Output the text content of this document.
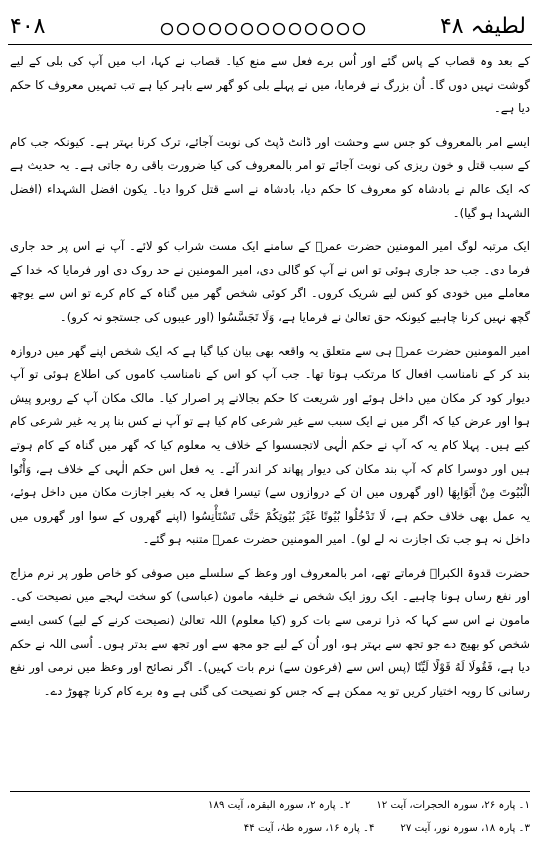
لطیفہ ۴۸
۴۰۸

کے بعد وہ قصاب کے پاس گئے اور اُس برے فعل سے منع کیا۔ قصاب نے کہا، اب میں آپ کی بلی کے لیے گوشت نہیں دوں گا۔ اُن بزرگ نے فرمایا، میں نے پہلے بلی کو گھر سے باہر کیا ہے تب تمہیں معروف کا حکم دیا ہے۔

ایسے امر بالمعروف کو جس سے وحشت اور ڈانٹ ڈپٹ کی نوبت آجائے، ترک کرنا بہتر ہے۔ کیونکہ جب کام کے سبب قتل و خون ریزی کی نوبت آجائے تو امر بالمعروف کی کیا ضرورت باقی رہ جاتی ہے۔ یہ حدیث ہے کہ ایک عالم نے بادشاہ کو معروف کا حکم دیا، بادشاہ نے اسے قتل کروا دیا۔ یکون افضل الشہداء (افضل الشہدا ہو گیا)۔

ایک مرتبہ لوگ امیر المومنین حضرت عمرؓ کے سامنے ایک مست شراب کو لائے۔ آپ نے اس پر حد جاری فرما دی۔ جب حد جاری ہوئی تو اس نے آپ کو گالی دی، امیر المومنین نے حد روک دی اور فرمایا کہ خدا کے معاملے میں خودی کو کس لیے شریک کروں۔ اگر کوئی شخص گھر میں گناہ کے کام کرے تو اس سے یوچھ گچھ نہیں کرنا چاہیے کیونکہ حق تعالیٰ نے فرمایا ہے، وَلَا تَجَسَّسُوا (اور عیبوں کی جستجو نہ کرو)۔

امیر المومنین حضرت عمرؓ ہی سے متعلق یہ واقعہ بھی بیان کیا گیا ہے کہ ایک شخص اپنے گھر میں دروازہ بند کر کے نامناسب افعال کا مرتکب ہوتا تھا۔ جب آپ کو اس کے نامناسب کاموں کی اطلاع ہوئی تو آپ دیوار کود کر مکان میں داخل ہوئے اور شریعت کا حکم بجالانے پر اصرار کیا۔ مالک مکان آپ کے روبرو پیش ہوا اور عرض کیا کہ اگر میں نے ایک سبب سے غیر شرعی کام کیا ہے تو آپ نے کس بنا پر یہ غیر شرعی کام کیے ہیں۔ پہلا کام یہ کہ آپ نے حکم الٰہی لاتجسسوا کے خلاف یہ معلوم کیا کہ گھر میں گناہ کے کام ہوتے ہیں اور دوسرا کام کہ آپ بند مکان کی دیوار پھاند کر اندر آئے۔ یہ فعل اس حکم الٰہی کے خلاف ہے، وَأْتُوا الْبُيُوتَ مِنْ أَبْوَابِهَا (اور گھروں میں ان کے دروازوں سے) تیسرا فعل یہ کہ بغیر اجازت مکان میں داخل ہوئے، یہ عمل بھی خلاف حکم ہے، لَا تَدْخُلُوا بُيُوتًا غَيْرَ بُيُوتِكُمْ حَتَّى تَسْتَأْنِسُوا (اپنے گھروں کے سوا اور گھروں میں داخل نہ ہو جب تک اجازت نہ لے لو)۔ امیر المومنین حضرت عمرؓ متنبہ ہو گئے۔

حضرت قدوۃ الکبراؒ فرماتے تھے، امر بالمعروف اور وعظ کے سلسلے میں صوفی کو خاص طور پر نرم مزاج اور نفع رساں ہونا چاہیے۔ ایک روز ایک شخص نے خلیفہ مامون (عباسی) کو سخت لہجے میں نصیحت کی۔ مامون نے اس سے کہا کہ ذرا نرمی سے بات کرو (کیا معلوم) اللہ تعالیٰ (نصیحت کرنے کے لیے) کسی ایسے شخص کو بھیج دے جو تجھ سے بہتر ہو، اور اُن کے لیے جو مجھ سے اور تجھ سے بدتر ہوں۔ اُسی اللہ نے حکم دیا ہے، فَقُولَا لَهُ قَوْلًا لَيِّنًا (پس اس سے (فرعون سے) نرم بات کہیں)۔ اگر نصائح اور وعظ میں نرمی اور نفع رسانی کا رویہ اختیار کریں تو یہ ممکن ہے کہ جس کو نصیحت کی گئی ہے وہ برے کام کرنا چھوڑ دے۔

۱۔ پارہ ۲۶، سورہ الحجرات، آیت ۱۲
۲۔ پارہ ۲، سورہ البقرہ، آیت ۱۸۹
۳۔ پارہ ۱۸، سورہ نور، آیت ۲۷
۴۔ پارہ ۱۶، سورہ طہٰ، آیت ۴۴
